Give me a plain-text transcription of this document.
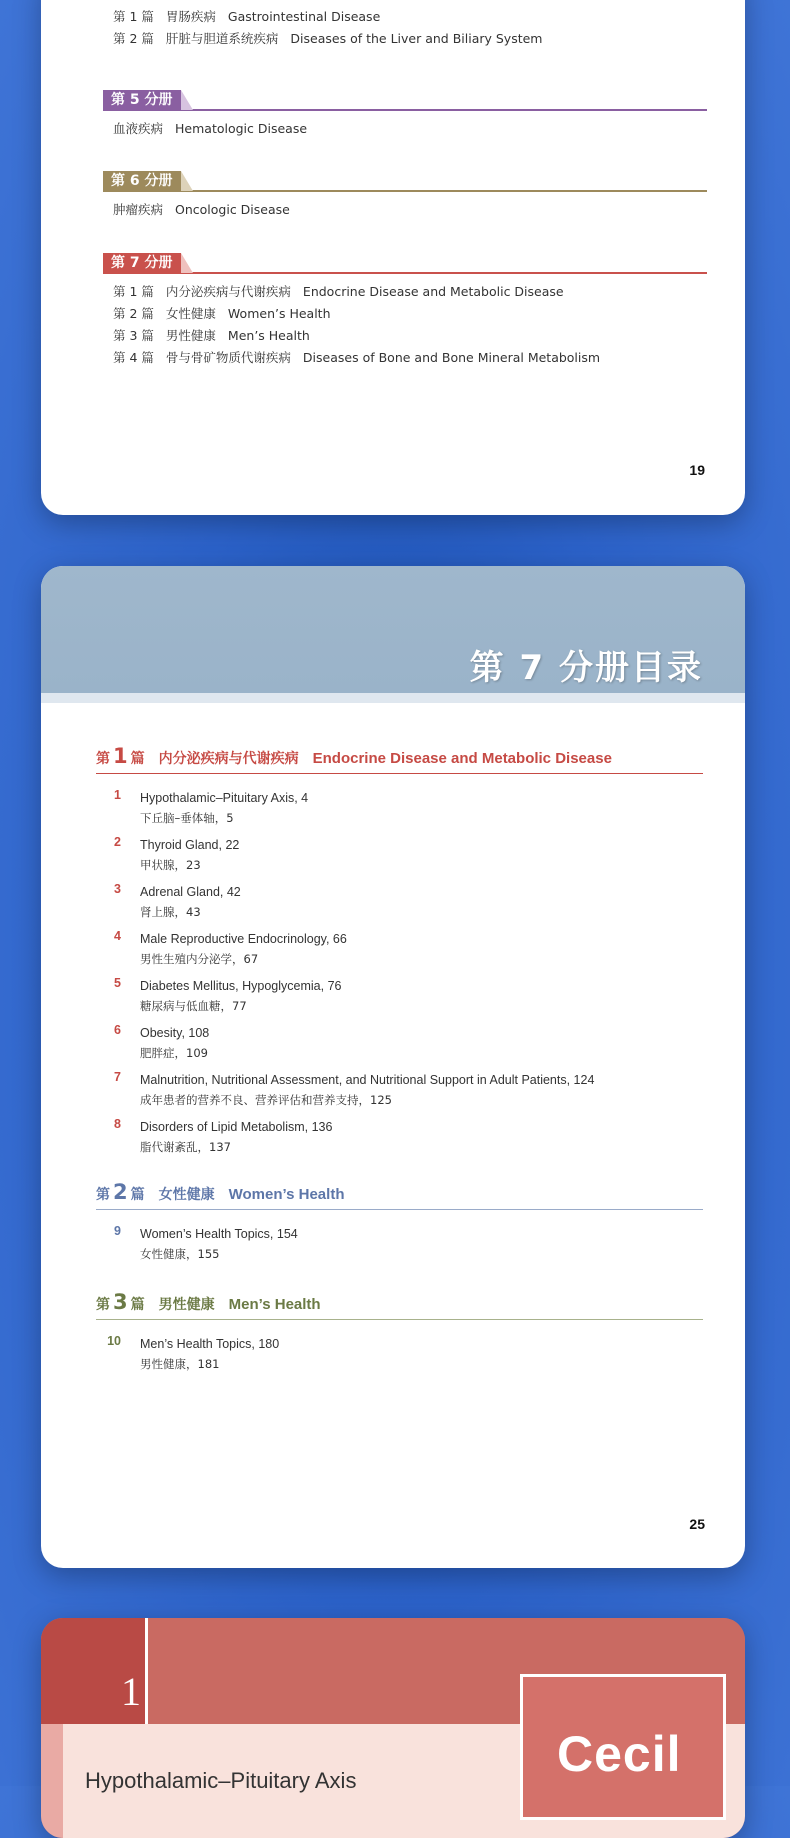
第 1 篇 胃肠疾病 Gastrointestinal Disease
第 2 篇 肝脏与胆道系统疾病 Diseases of the Liver and Biliary System
第 5 分册
血液疾病 Hematologic Disease
第 6 分册
肿瘤疾病 Oncologic Disease
第 7 分册
第 1 篇 内分泌疾病与代谢疾病 Endocrine Disease and Metabolic Disease
第 2 篇 女性健康 Women’s Health
第 3 篇 男性健康 Men’s Health
第 4 篇 骨与骨矿物质代谢疾病 Diseases of Bone and Bone Mineral Metabolism
19
第 7 分册目录
第 1 篇 内分泌疾病与代谢疾病 Endocrine Disease and Metabolic Disease
1 Hypothalamic–Pituitary Axis, 4
下丘脑–垂体轴，5
2 Thyroid Gland, 22
甲状腺，23
3 Adrenal Gland, 42
肾上腺，43
4 Male Reproductive Endocrinology, 66
男性生殖内分泌学，67
5 Diabetes Mellitus, Hypoglycemia, 76
糖尿病与低血糖，77
6 Obesity, 108
肥胖症，109
7 Malnutrition, Nutritional Assessment, and Nutritional Support in Adult Patients, 124
成年患者的营养不良、营养评估和营养支持，125
8 Disorders of Lipid Metabolism, 136
脂代谢紊乱，137
第 2 篇 女性健康 Women’s Health
9 Women’s Health Topics, 154
女性健康，155
第 3 篇 男性健康 Men’s Health
10 Men’s Health Topics, 180
男性健康，181
25
1
Hypothalamic–Pituitary Axis	Cecil
